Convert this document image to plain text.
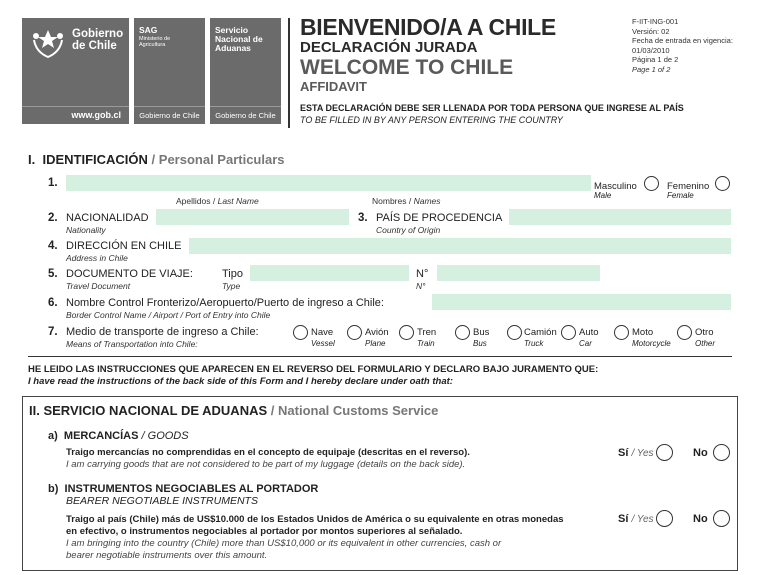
Gobierno de Chile
www.gob.cl
SAG
Ministerio de Agricultura
Gobierno de Chile
Servicio Nacional de Aduanas
Gobierno de Chile
BIENVENIDO/A A CHILE
DECLARACIÓN JURADA
WELCOME TO CHILE
AFFIDAVIT
ESTA DECLARACIÓN DEBE SER LLENADA POR TODA PERSONA QUE INGRESE AL PAÍS
TO BE FILLED IN BY ANY PERSON ENTERING THE COUNTRY
F-IIT-ING-001
Versión: 02
Fecha de entrada en vigencia:
01/03/2010
Página 1 de 2
Page 1 of 2
I. IDENTIFICACIÓN / Personal Particulars
1.
Apellidos / Last Name	Nombres / Names
Masculino
Male
Femenino
Female
2. NACIONALIDAD
Nationality
3. PAÍS DE PROCEDENCIA
Country of Origin
4. DIRECCIÓN EN CHILE
Address in Chile
5. DOCUMENTO DE VIAJE:
Travel Document
Tipo
Type
N°
N°
6. Nombre Control Fronterizo/Aeropuerto/Puerto de ingreso a Chile:
Border Control Name / Airport / Port of Entry into Chile
7. Medio de transporte de ingreso a Chile:
Means of Transportation into Chile:
Nave
Vessel
Avión
Plane
Tren
Train
Bus
Bus
Camión
Truck
Auto
Car
Moto
Motorcycle
Otro
Other
HE LEIDO LAS INSTRUCCIONES QUE APARECEN EN EL REVERSO DEL FORMULARIO Y DECLARO BAJO JURAMENTO QUE:
I have read the instructions of the back side of this Form and I hereby declare under oath that:
II. SERVICIO NACIONAL DE ADUANAS / National Customs Service
a) MERCANCÍAS / GOODS
Traigo mercancías no comprendidas en el concepto de equipaje (descritas en el reverso).
I am carrying goods that are not considered to be part of my luggage (details on the back side).
Sí / Yes	No
b) INSTRUMENTOS NEGOCIABLES AL PORTADOR
BEARER NEGOTIABLE INSTRUMENTS
Traigo al país (Chile) más de US$10.000 de los Estados Unidos de América o su equivalente en otras monedas
en efectivo, o instrumentos negociables al portador por montos superiores al señalado.
I am bringing into the country (Chile) more than US$10,000 or its equivalent in other currencies, cash or
bearer negotiable instruments over this amount.
Sí / Yes	No
